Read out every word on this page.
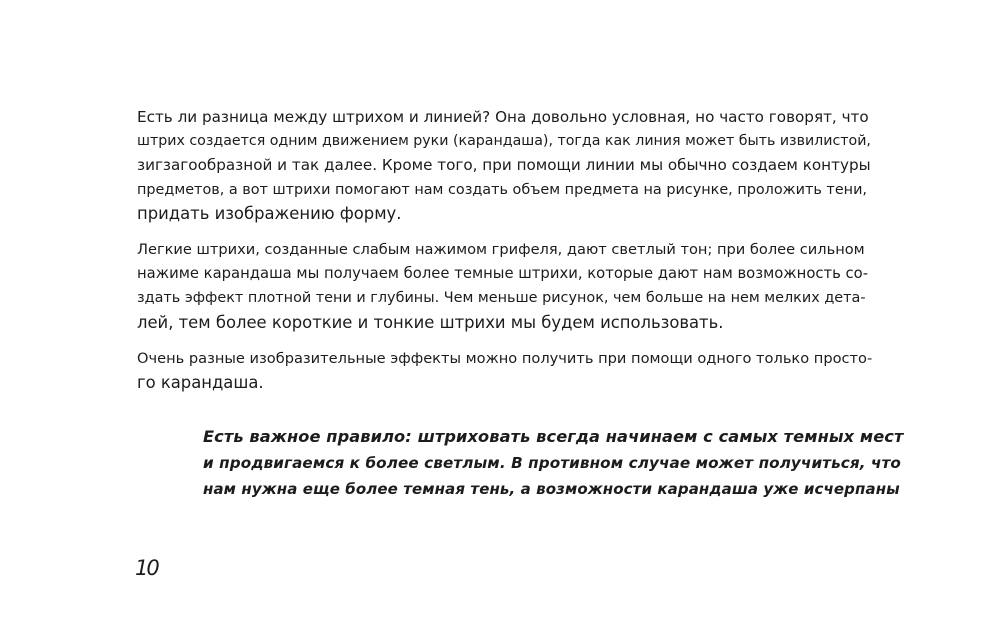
Есть ли разница между штрихом и линией? Она довольно условная, но часто говорят, что
штрих создается одним движением руки (карандаша), тогда как линия может быть извилистой,
зигзагообразной и так далее. Кроме того, при помощи линии мы обычно создаем контуры
предметов, а вот штрихи помогают нам создать объем предмета на рисунке, проложить тени,
придать изображению форму.

Легкие штрихи, созданные слабым нажимом грифеля, дают светлый тон; при более сильном
нажиме карандаша мы получаем более темные штрихи, которые дают нам возможность со-
здать эффект плотной тени и глубины. Чем меньше рисунок, чем больше на нем мелких дета-
лей, тем более короткие и тонкие штрихи мы будем использовать.

Очень разные изобразительные эффекты можно получить при помощи одного только просто-
го карандаша.

Есть важное правило: штриховать всегда начинаем с самых темных мест
и продвигаемся к более светлым. В противном случае может получиться, что
нам нужна еще более темная тень, а возможности карандаша уже исчерпаны

10
